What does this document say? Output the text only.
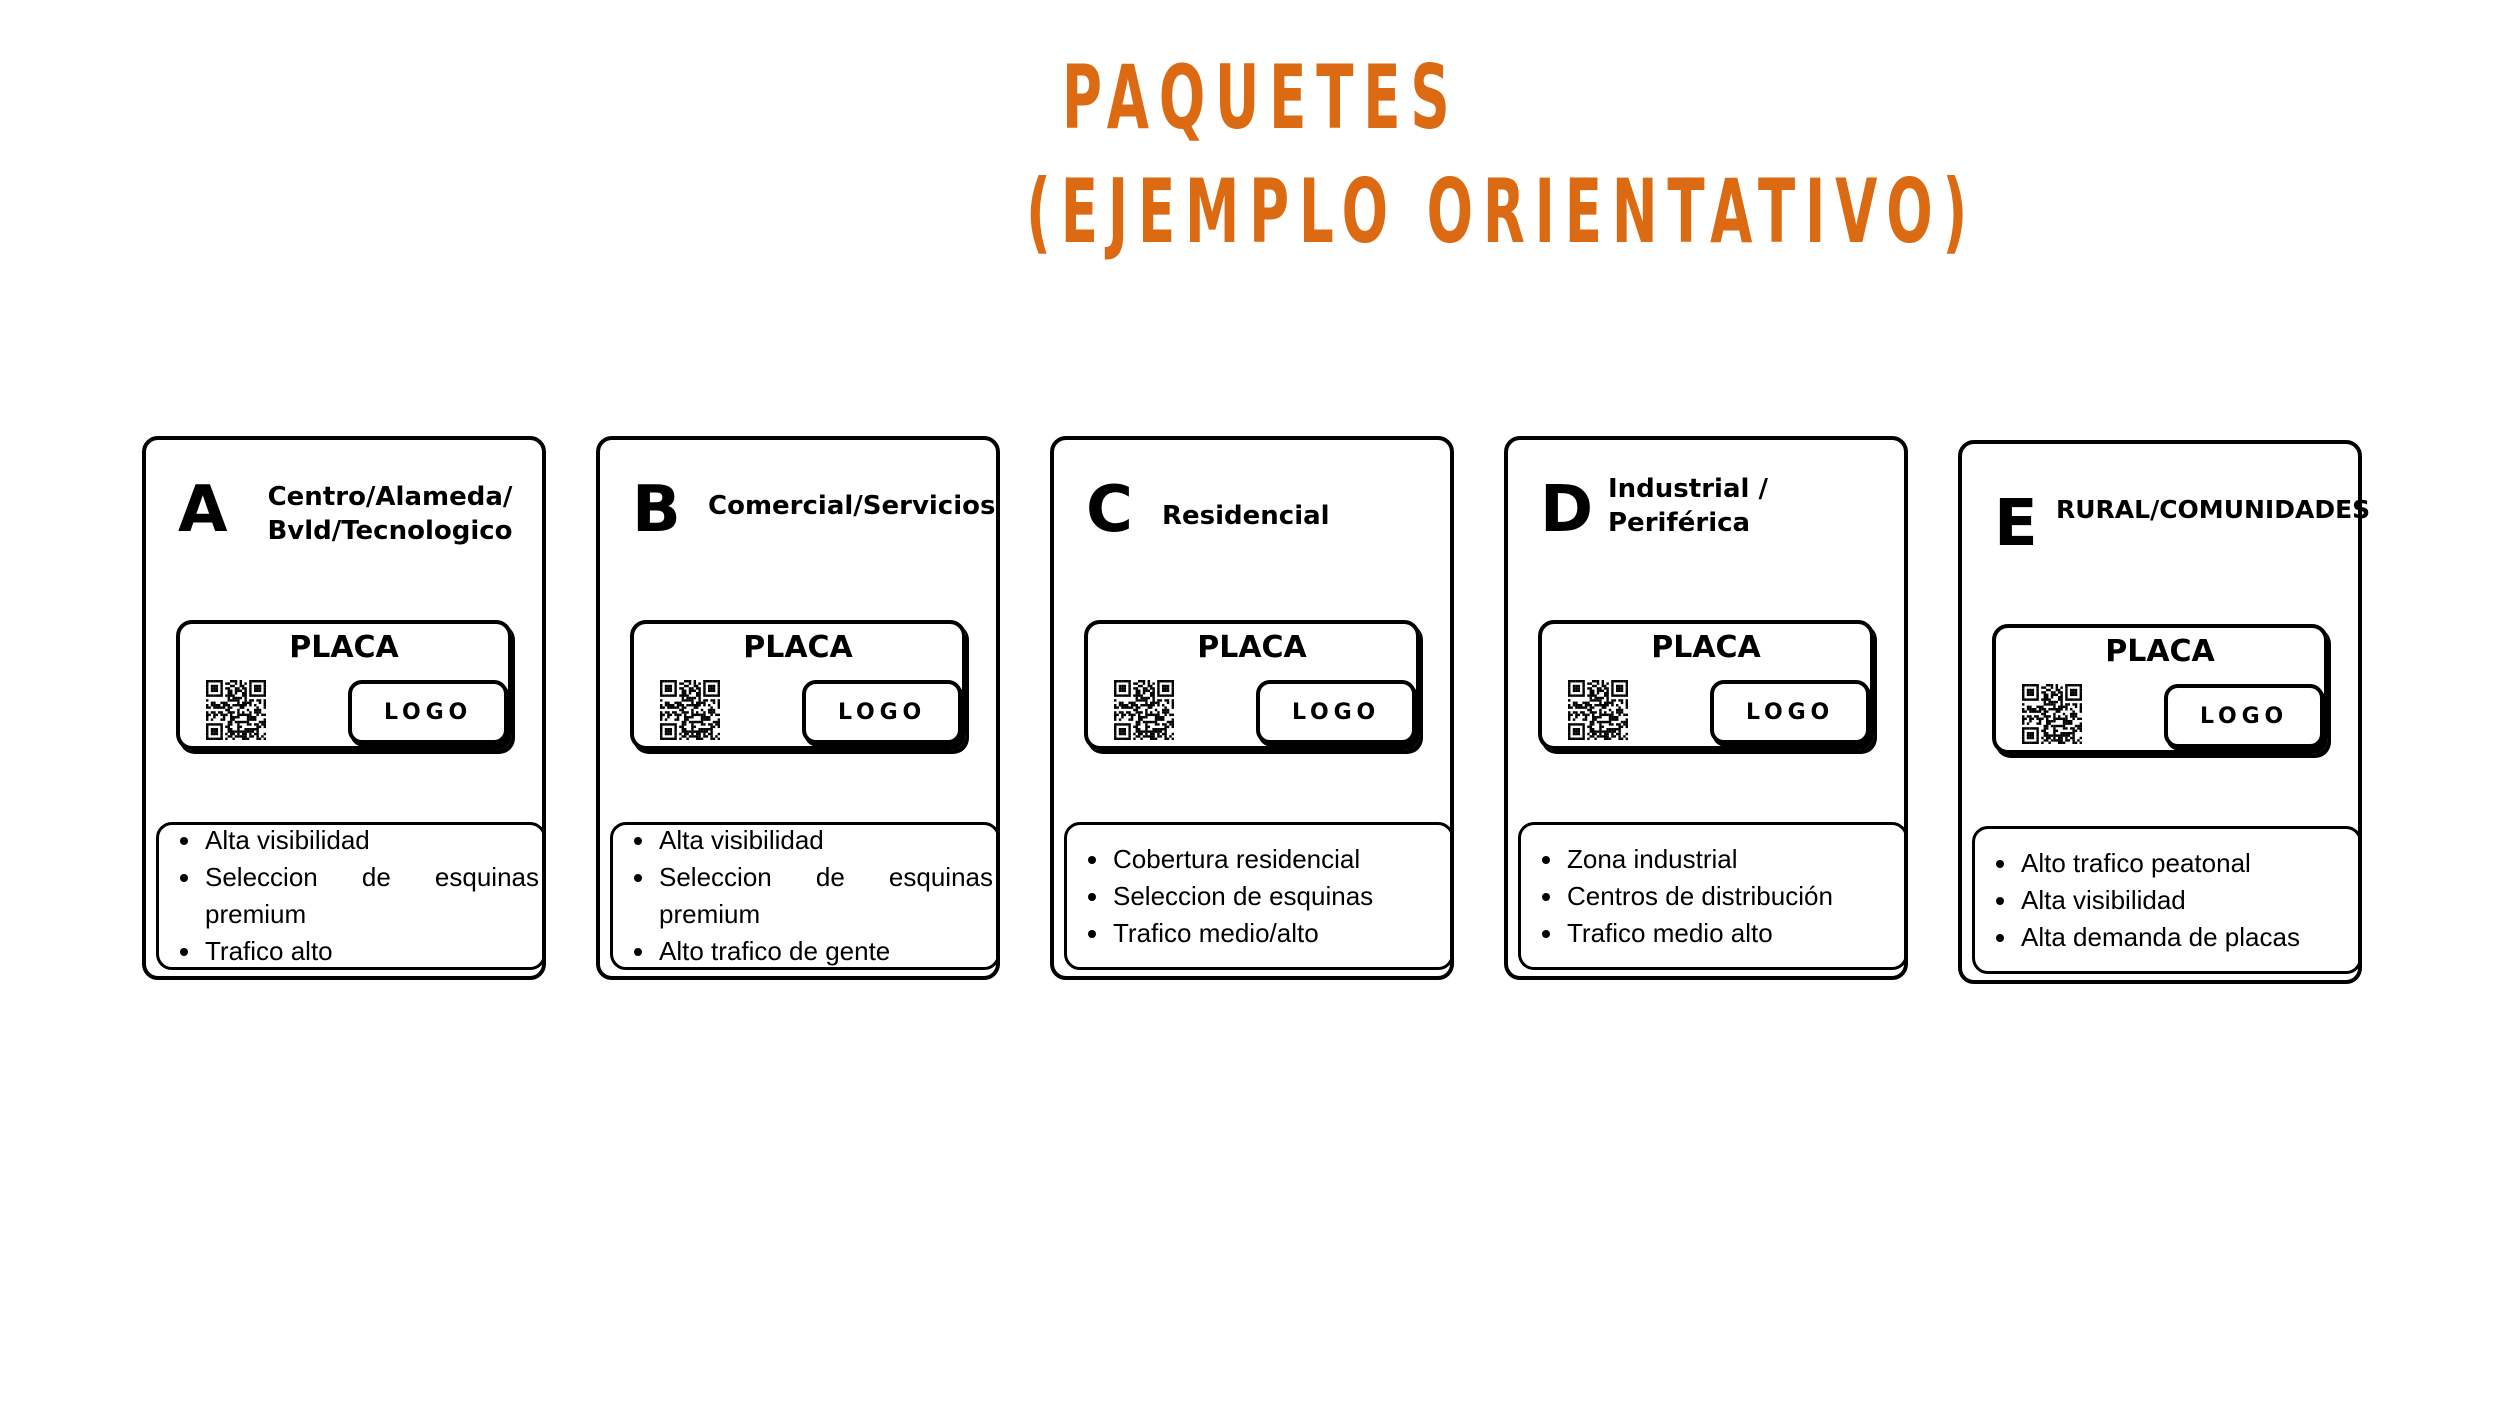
PAQUETES
(EJEMPLO ORIENTATIVO)
A	Centro/Alameda/ Bvld/Tecnologico
PLACA
LOGO
• Alta visibilidad
• Seleccion de esquinas premium
• Trafico alto
B Comercial/Servicios
PLACA
LOGO
• Alta visibilidad
• Seleccion de esquinas premium
• Alto trafico de gente
C Residencial
PLACA
LOGO
• Cobertura residencial
• Seleccion de esquinas
• Trafico medio/alto
D Industrial / Periférica
PLACA
LOGO
• Zona industrial
• Centros de distribución
• Trafico medio alto
E RURAL/COMUNIDADES
PLACA
LOGO
• Alto trafico peatonal
• Alta visibilidad
• Alta demanda de placas
